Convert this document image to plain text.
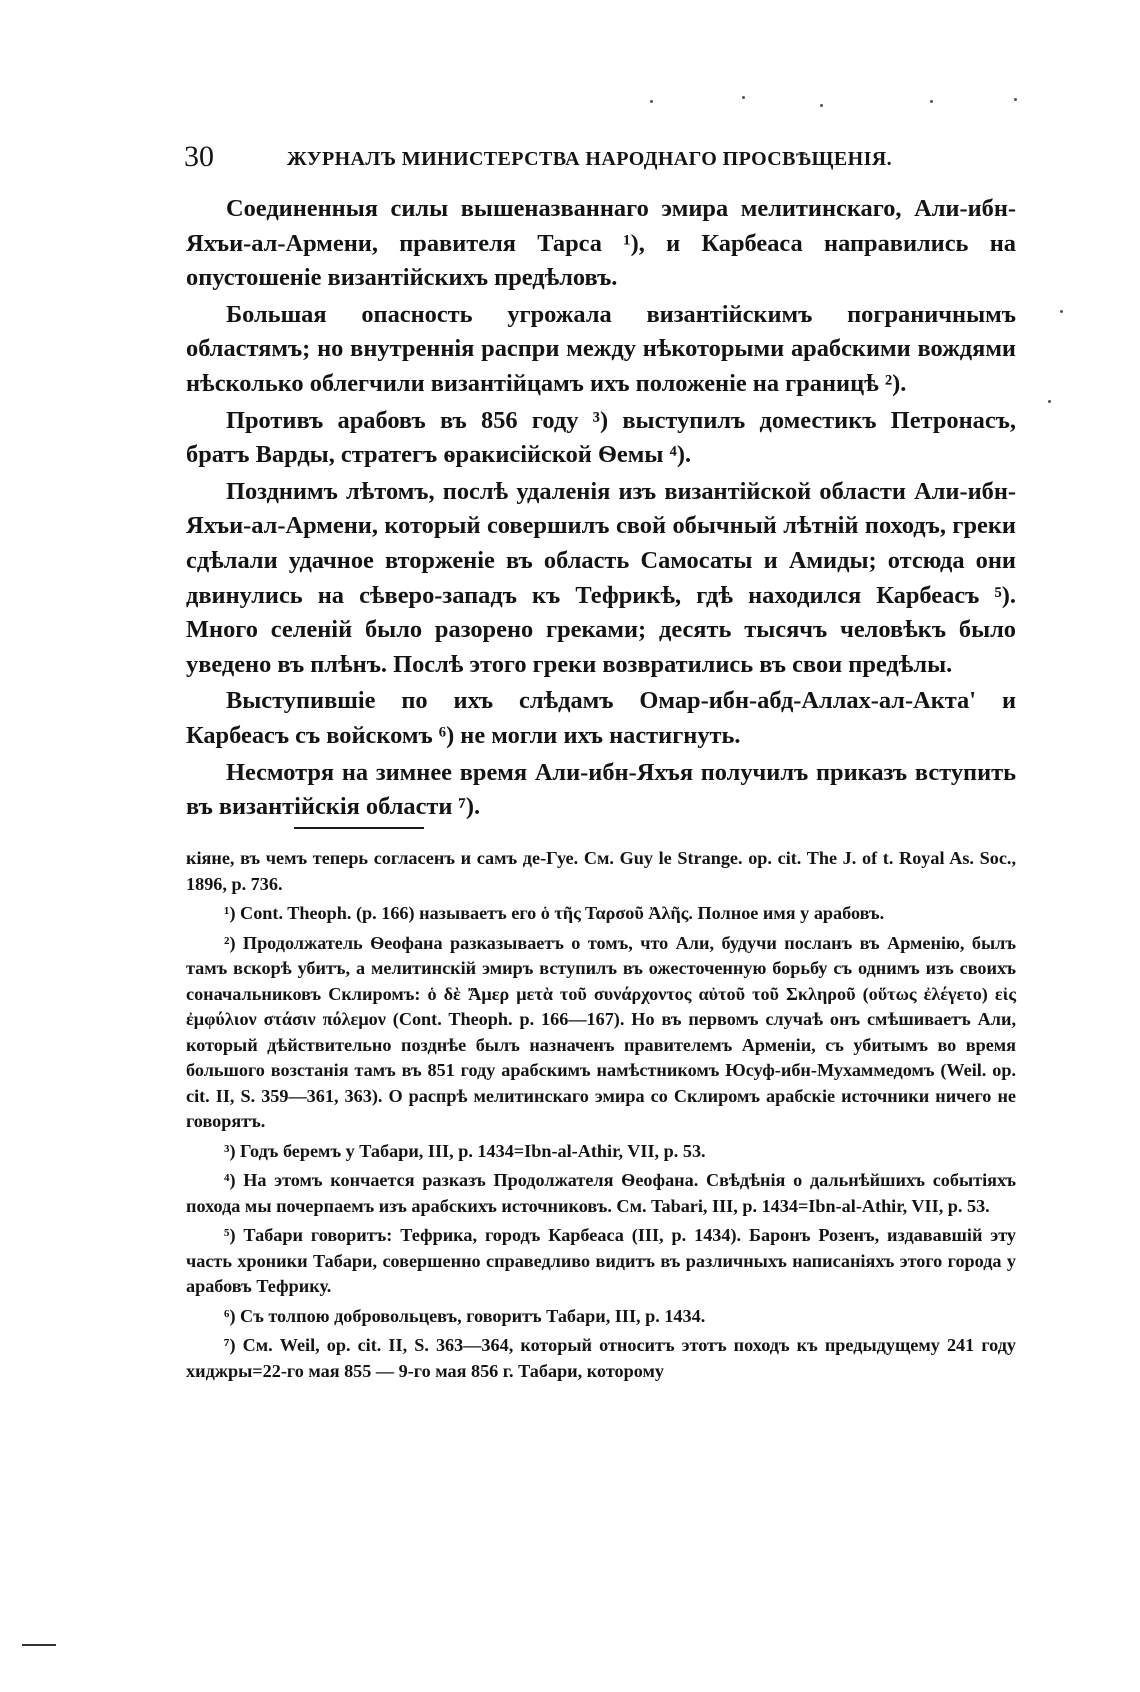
30	ЖУРНАЛЪ МИНИСТЕРСТВА НАРОДНАГО ПРОСВѢЩЕНІЯ.

Соединенныя силы вышеназваннаго эмира мелитинскаго, Али-ибн-Яхъи-ал-Армени, правителя Тарса ¹), и Карбеаса направились на опустошеніе византійскихъ предѣловъ.

Большая опасность угрожала византійскимъ пограничнымъ областямъ; но внутреннія распри между нѣкоторыми арабскими вождями нѣсколько облегчили византійцамъ ихъ положеніе на границѣ ²).

Противъ арабовъ въ 856 году ³) выступилъ доместикъ Петронасъ, братъ Варды, стратегъ ѳракисійской Ѳемы ⁴).

Позднимъ лѣтомъ, послѣ удаленія изъ византійской области Али-ибн-Яхъи-ал-Армени, который совершилъ свой обычный лѣтній походъ, греки сдѣлали удачное вторженіе въ область Самосаты и Амиды; отсюда они двинулись на сѣверо-западъ къ Тефрикѣ, гдѣ находился Карбеасъ ⁵). Много селеній было разорено греками; десять тысячъ человѣкъ было уведено въ плѣнъ. Послѣ этого греки возвратились въ свои предѣлы.

Выступившіе по ихъ слѣдамъ Омар-ибн-абд-Аллах-ал-Акта' и Карбеасъ съ войскомъ ⁶) не могли ихъ настигнуть.

Несмотря на зимнее время Али-ибн-Яхъя получилъ приказъ вступить въ византійскія области ⁷).

кіяне, въ чемъ теперь согласенъ и самъ де-Гуе. См. Guy le Strange. op. cit. The J. of t. Royal As. Soc., 1896, p. 736.

¹) Cont. Theoph. (p. 166) называетъ его ὁ τῆς Ταρσοῦ Ἀλῆς. Полное имя у арабовъ.

²) Продолжатель Ѳеофана разказываетъ о томъ, что Али, будучи посланъ въ Арменію, былъ тамъ вскорѣ убитъ, а мелитинскій эмиръ вступилъ въ ожесточенную борьбу съ однимъ изъ своихъ соначальниковъ Склиромъ: ὁ δὲ Ἄμερ μετὰ τοῦ συνάρχοντος αὐτοῦ τοῦ Σκληροῦ (οὕτως ἐλέγετο) εἰς ἐμφύλιον στάσιν πόλεμον (Cont. Theoph. p. 166—167). Но въ первомъ случаѣ онъ смѣшиваетъ Али, который дѣйствительно позднѣе былъ назначенъ правителемъ Арменіи, съ убитымъ во время большого возстанія тамъ въ 851 году арабскимъ намѣстникомъ Юсуф-ибн-Мухаммедомъ (Weil. op. cit. II, S. 359—361, 363). О распрѣ мелитинскаго эмира со Склиромъ арабскіе источники ничего не говорятъ.

³) Годъ беремъ у Табари, III, p. 1434=Ibn-al-Athir, VII, p. 53.

⁴) На этомъ кончается разказъ Продолжателя Ѳеофана. Свѣдѣнія о дальнѣйшихъ событіяхъ похода мы почерпаемъ изъ арабскихъ источниковъ. См. Tabari, III, p. 1434=Ibn-al-Athir, VII, p. 53.

⁵) Табари говоритъ: Тефрика, городъ Карбеаса (III, p. 1434). Баронъ Розенъ, издававшій эту часть хроники Табари, совершенно справедливо видитъ въ различныхъ написаніяхъ этого города у арабовъ Тефрику.

⁶) Съ толпою добровольцевъ, говоритъ Табари, III, p. 1434.

⁷) См. Weil, op. cit. II, S. 363—364, который относитъ этотъ походъ къ предыдущему 241 году хиджры=22-го мая 855 — 9-го мая 856 г. Табари, которому
